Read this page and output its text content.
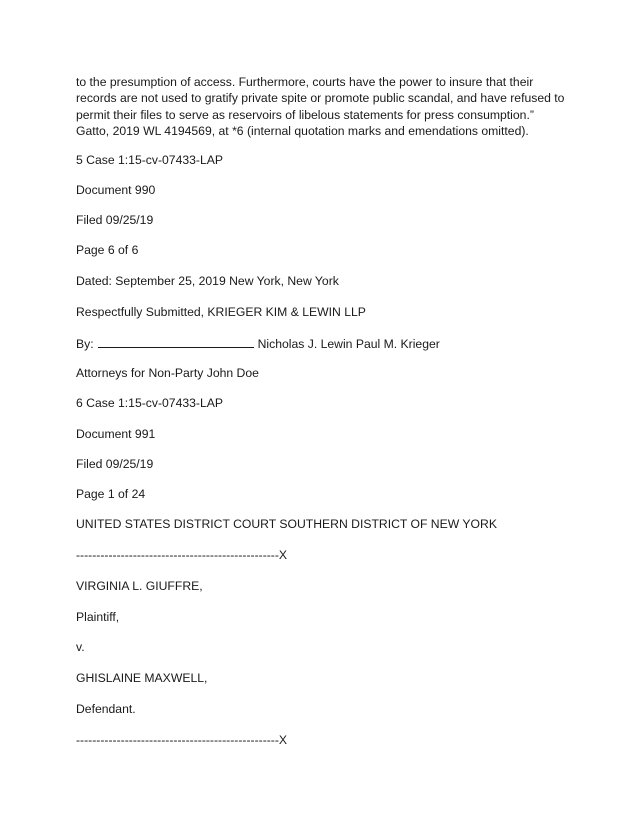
to the presumption of access. Furthermore, courts have the power to insure that their records are not used to gratify private spite or promote public scandal, and have refused to permit their files to serve as reservoirs of libelous statements for press consumption.” Gatto, 2019 WL 4194569, at *6 (internal quotation marks and emendations omitted).

5 Case 1:15-cv-07433-LAP
Document 990
Filed 09/25/19
Page 6 of 6
Dated: September 25, 2019 New York, New York
Respectfully Submitted, KRIEGER KIM & LEWIN LLP
By:	Nicholas J. Lewin Paul M. Krieger
Attorneys for Non-Party John Doe
6 Case 1:15-cv-07433-LAP
Document 991
Filed 09/25/19
Page 1 of 24
UNITED STATES DISTRICT COURT SOUTHERN DISTRICT OF NEW YORK
--------------------------------------------------X
VIRGINIA L. GIUFFRE,
Plaintiff,
v.
GHISLAINE MAXWELL,
Defendant.
--------------------------------------------------X
